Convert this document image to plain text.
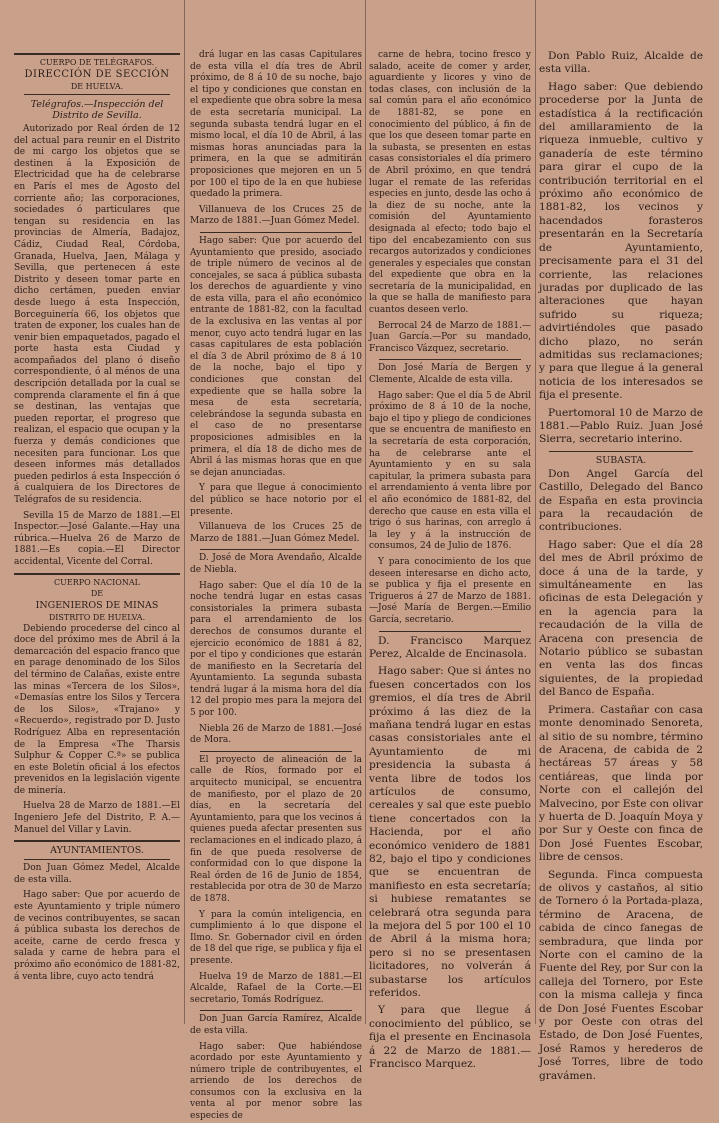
CUERPO DE TELÉGRAFOS.
DIRECCIÓN DE SECCIÓN
DE HUELVA.
Telégrafos.—Inspección del Distrito de Sevilla.

Autorizado por Real órden de 12 del actual para reunir en el Distrito de mi cargo los objetos que se destinen á la Exposición de Electricidad que ha de celebrarse en París el mes de Agosto del corriente año; las corporaciones, sociedades ó particulares que tengan su residencia en las provincias de Almería, Badajoz, Cádiz, Ciudad Real, Córdoba, Granada, Huelva, Jaen, Málaga y Sevilla, que pertenecen á este Distrito y deseen tomar parte en dicho certámen, pueden enviar desde luego á esta Inspección, Borceguinería 66, los objetos que traten de exponer, los cuales han de venir bien empaquetados, pagado el porte hasta esta Ciudad y acompañados del plano ó diseño correspondiente, ó al ménos de una descripción detallada por la cual se comprenda claramente el fin á que se destinan, las ventajas que pueden reportar, el progreso que realizan, el espacio que ocupan y la fuerza y demás condiciones que necesiten para funcionar. Los que deseen informes más detallados pueden pedirlos á esta Inspección ó á cualquiera de los Directores de Telégrafos de su residencia.

Sevilla 15 de Marzo de 1881.—El Inspector.—José Galante.—Hay una rúbrica.—Huelva 26 de Marzo de 1881.—Es copia.—El Director accidental, Vicente del Corral.

CUERPO NACIONAL
DE
INGENIEROS DE MINAS
DISTRITO DE HUELVA.

Debiendo procederse del cinco al doce del próximo mes de Abril á la demarcación del espacio franco que en parage denominado de los Silos del término de Calañas, existe entre las minas «Tercera de los Silos», «Demasías entre los Silos y Tercera de los Silos», «Trajano» y «Recuerdo», registrado por D. Justo Rodríguez Alba en representación de la Empresa «The Tharsis Sulphur & Copper C.ª» se publica en este Boletín oficial á los efectos prevenidos en la legislación vigente de minería.

Huelva 28 de Marzo de 1881.—El Ingeniero Jefe del Distrito, P. A.—Manuel del Villar y Lavin.

AYUNTAMIENTOS.

Don Juan Gómez Medel, Alcalde de esta villa.

Hago saber: Que por acuerdo de este Ayuntamiento y triple número de vecinos contribuyentes, se sacan á pública subasta los derechos de aceite, carne de cerdo fresca y salada y carne de hebra para el próximo año económico de 1881-82, á venta libre, cuyo acto tendrá

drá lugar en las casas Capitulares de esta villa el día tres de Abril próximo, de 8 á 10 de su noche, bajo el tipo y condiciones que constan en el expediente que obra sobre la mesa de esta secretaría municipal. La segunda subasta tendrá lugar en el mismo local, el día 10 de Abril, á las mismas horas anunciadas para la primera, en la que se admitirán proposiciones que mejoren en un 5 por 100 el tipo de la en que hubiese quedado la primera.

Villanueva de los Cruces 25 de Marzo de 1881.—Juan Gómez Medel.

Hago saber: Que por acuerdo del Ayuntamiento que presido, asociado de triple número de vecinos al de concejales, se saca á pública subasta los derechos de aguardiente y vino de esta villa, para el año económico entrante de 1881-82, con la facultad de la exclusiva en las ventas al por menor, cuyo acto tendrá lugar en las casas capitulares de esta población el día 3 de Abril próximo de 8 á 10 de la noche, bajo el tipo y condiciones que constan del expediente que se halla sobre la mesa de esta secretaría, celebrándose la segunda subasta en el caso de no presentarse proposiciones admisibles en la primera, el día 18 de dicho mes de Abril á las mismas horas que en que se dejan anunciadas.

Y para que llegue á conocimiento del público se hace notorio por el presente.

Villanueva de los Cruces 25 de Marzo de 1881.—Juan Gómez Medel.

D. José de Mora Avendaño, Alcalde de Niebla.

Hago saber: Que el día 10 de la noche tendrá lugar en estas casas consistoriales la primera subasta para el arrendamiento de los derechos de consumos durante el ejercicio económico de 1881 á 82, por el tipo y condiciones que estarán de manifiesto en la Secretaría del Ayuntamiento. La segunda subasta tendrá lugar á la misma hora del día 12 del propio mes para la mejora del 5 por 100.

Niebla 26 de Marzo de 1881.—José de Mora.

El proyecto de alineación de la calle de Ríos, formado por el arquitecto municipal, se encuentra de manifiesto, por el plazo de 20 días, en la secretaría del Ayuntamiento, para que los vecinos á quienes pueda afectar presenten sus reclamaciones en el indicado plazo, á fin de que pueda resolverse de conformidad con lo que dispone la Real órden de 16 de Junio de 1854, restablecida por otra de 30 de Marzo de 1878.

Y para la común inteligencia, en cumplimiento á lo que dispone el Ilmo. Sr. Gobernador civil en órden de 18 del que rige, se publica y fija el presente.

Huelva 19 de Marzo de 1881.—El Alcalde, Rafael de la Corte.—El secretario, Tomás Rodríguez.

Don Juan García Ramírez, Alcalde de esta villa.

Hago saber: Que habiéndose acordado por este Ayuntamiento y número triple de contribuyentes, el arriendo de los derechos de consumos con la exclusiva en la venta al por menor sobre las especies de

carne de hebra, tocino fresco y salado, aceite de comer y arder, aguardiente y licores y vino de todas clases, con inclusión de la sal común para el año económico de 1881-82, se pone en conocimiento del público, á fin de que los que deseen tomar parte en la subasta, se presenten en estas casas consistoriales el día primero de Abril próximo, en que tendrá lugar el remate de las referidas especies en junto, desde las ocho á la diez de su noche, ante la comisión del Ayuntamiento designada al efecto; todo bajo el tipo del encabezamiento con sus recargos autorizados y condiciones generales y especiales que constan del expediente que obra en la secretaría de la municipalidad, en la que se halla de manifiesto para cuantos deseen verlo.

Berrocal 24 de Marzo de 1881.—Juan García.—Por su mandado, Francisco Vázquez, secretario.

Don José María de Bergen y Clemente, Alcalde de esta villa.

Hago saber: Que el día 5 de Abril próximo de 8 á 10 de la noche, bajo el tipo y pliego de condiciones que se encuentra de manifiesto en la secretaría de esta corporación, ha de celebrarse ante el Ayuntamiento y en su sala capitular, la primera subasta para el arrendamiento á venta libre por el año económico de 1881-82, del derecho que cause en esta villa el trigo ó sus harinas, con arreglo á la ley y á la instrucción de consumos, 24 de Julio de 1876.

Y para conocimiento de los que deseen interesarse en dicho acto, se publica y fija el presente en Trigueros á 27 de Marzo de 1881.—José María de Bergen.—Emilio García, secretario.

D. Francisco Marquez Perez, Alcalde de Encinasola.

Hago saber: Que si ántes no fuesen concertados con los gremios, el día tres de Abril próximo á las diez de la mañana tendrá lugar en estas casas consistoriales ante el Ayuntamiento de mi presidencia la subasta á venta libre de todos los artículos de consumo, cereales y sal que este pueblo tiene concertados con la Hacienda, por el año económico venidero de 1881 82, bajo el tipo y condiciones que se encuentran de manifiesto en esta secretaría; si hubiese rematantes se celebrará otra segunda para la mejora del 5 por 100 el 10 de Abril á la misma hora; pero si no se presentasen licitadores, no volverán á subastarse los artículos referidos.

Y para que llegue á conocimiento del público, se fija el presente en Encinasola á 22 de Marzo de 1881.—Francisco Marquez.

Don Pablo Ruiz, Alcalde de esta villa.

Hago saber: Que debiendo procederse por la Junta de estadística á la rectificación del amillaramiento de la riqueza inmueble, cultivo y ganadería de este término para girar el cupo de la contribución territorial en el próximo año económico de 1881-82, los vecinos y hacendados forasteros presentarán en la Secretaría de Ayuntamiento, precisamente para el 31 del corriente, las relaciones juradas por duplicado de las alteraciones que hayan sufrido su riqueza; advirtiéndoles que pasado dicho plazo, no serán admitidas sus reclamaciones; y para que llegue á la general noticia de los interesados se fija el presente.

Puertomoral 10 de Marzo de 1881.—Pablo Ruiz. Juan José Sierra, secretario interino.

SUBASTA.

Don Angel García del Castillo, Delegado del Banco de España en esta provincia para la recaudación de contribuciones.

Hago saber: Que el día 28 del mes de Abril próximo de doce á una de la tarde, y simultáneamente en las oficinas de esta Delegación y en la agencia para la recaudación de la villa de Aracena con presencia de Notario público se subastan en venta las dos fincas siguientes, de la propiedad del Banco de España.

Primera. Castañar con casa monte denominado Senoreta, al sitio de su nombre, término de Aracena, de cabida de 2 hectáreas 57 áreas y 58 centiáreas, que linda por Norte con el callejón del Malvecino, por Este con olivar y huerta de D. Joaquín Moya y por Sur y Oeste con finca de Don José Fuentes Escobar, libre de censos.

Segunda. Finca compuesta de olivos y castaños, al sitio de Tornero ó la Portada-plaza, término de Aracena, de cabida de cinco fanegas de sembradura, que linda por Norte con el camino de la Fuente del Rey, por Sur con la calleja del Tornero, por Este con la misma calleja y finca de Don José Fuentes Escobar y por Oeste con otras del Estado, de Don José Fuentes, José Ramos y herederos de José Torres, libre de todo gravámen.
